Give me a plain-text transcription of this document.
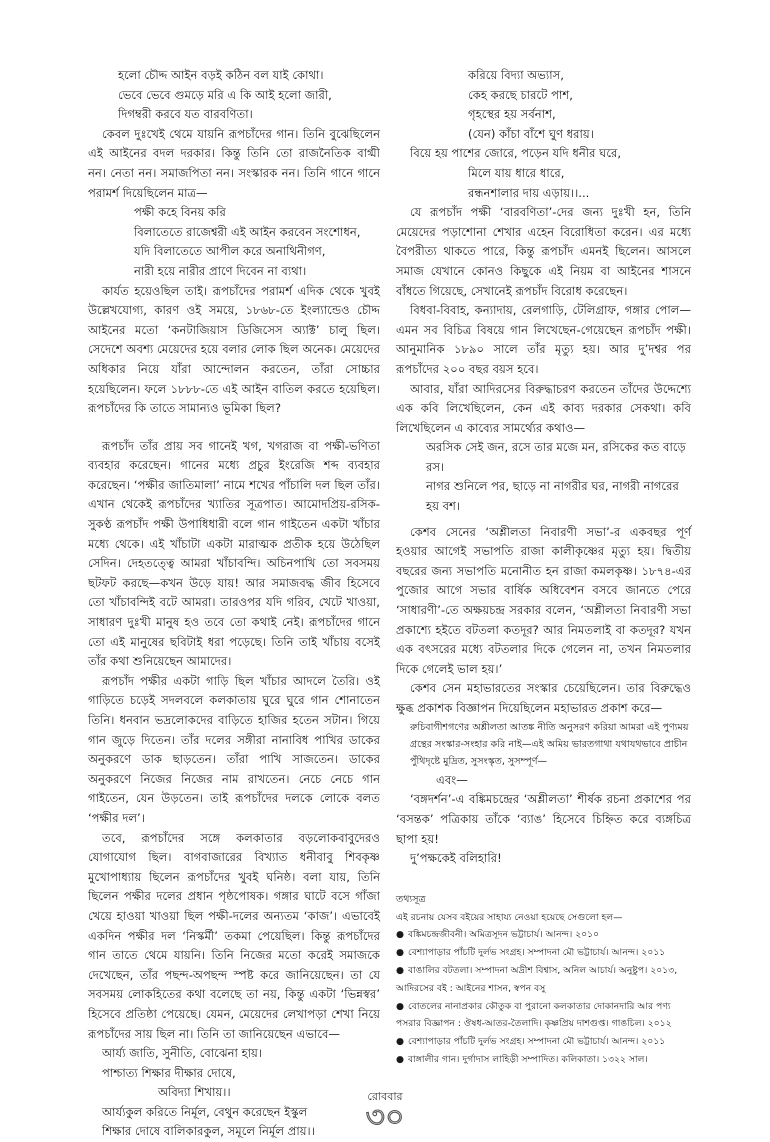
হলো চৌদ্দ আইন বড়ই কঠিন বল যাই কোথা।
ভেবে ভেবে গুমড়ে মরি এ কি আই হলো জারী,
দিগম্বরী করবে যত বারবণিতা।

কেবল দুঃখেই থেমে যায়নি রূপচাঁদের গান। তিনি বুঝেছিলেন এই আইনের বদল দরকার। কিন্তু তিনি তো রাজনৈতিক বাগ্মী নন। নেতা নন। সমাজপিতা নন। সংস্কারক নন। তিনি গানে গানে পরামর্শ দিয়েছিলেন মাত্র—

পক্ষী কহে বিনয় করি
বিলাতেতে রাজেশ্বরী এই আইন করবেন সংশোধন,
যদি বিলাতেতে আপীল করে অনাথিনীগণ,
নারী হয়ে নারীর প্রাণে দিবেন না ব্যথা।

কার্যত হয়েওছিল তাই। রূপচাঁদের পরামর্শ এদিক থেকে খুবই উল্লেখযোগ্য, কারণ ওই সময়ে, ১৮৬৮-তে ইংল্যান্ডেও চৌদ্দ আইনের মতো ‘কনটাজিয়াস ডিজিসেস অ্যাক্ট’ চালু ছিল। সেদেশে অবশ্য মেয়েদের হয়ে বলার লোক ছিল অনেক। মেয়েদের অধিকার নিয়ে যাঁরা আন্দোলন করতেন, তাঁরা সোচ্চার হয়েছিলেন। ফলে ১৮৮৮-তে এই আইন বাতিল করতে হয়েছিল। রূপচাঁদের কি তাতে সামান্যও ভূমিকা ছিল?

রূপচাঁদ তাঁর প্রায় সব গানেই খগ, খগরাজ বা পক্ষী-ভণিতা ব্যবহার করেছেন। গানের মধ্যে প্রচুর ইংরেজি শব্দ ব্যবহার করেছেন। ‘পক্ষীর জাতিমালা’ নামে শখের পাঁচালি দল ছিল তাঁর। এখান থেকেই রূপচাঁদের খ্যাতির সূত্রপাত। আমোদপ্রিয়-রসিক-সুকণ্ঠ রূপচাঁদ পক্ষী উপাধিধারী বলে গান গাইতেন একটা খাঁচার মধ্যে থেকে। এই খাঁচাটা একটা মারাত্মক প্রতীক হয়ে উঠেছিল সেদিন। দেহতত্ত্বে আমরা খাঁচাবন্দি। অচিনপাখি তো সবসময় ছটফট করছে—কখন উড়ে যায়! আর সমাজবদ্ধ জীব হিসেবে তো খাঁচাবন্দিই বটে আমরা। তারওপর যদি গরিব, খেটে খাওয়া, সাধারণ দুঃখী মানুষ হও তবে তো কথাই নেই। রূপচাঁদের গানে তো এই মানুষের ছবিটাই ধরা পড়েছে। তিনি তাই খাঁচায় বসেই তাঁর কথা শুনিয়েছেন আমাদের।

রূপচাঁদ পক্ষীর একটা গাড়ি ছিল খাঁচার আদলে তৈরি। ওই গাড়িতে চড়েই সদলবলে কলকাতায় ঘুরে ঘুরে গান শোনাতেন তিনি। ধনবান ভদ্রলোকদের বাড়িতে হাজির হতেন সটান। গিয়ে গান জুড়ে দিতেন। তাঁর দলের সঙ্গীরা নানাবিধ পাখির ডাকের অনুকরণে ডাক ছাড়তেন। তাঁরা পাখি সাজতেন। ডাকের অনুকরণে নিজের নিজের নাম রাখতেন। নেচে নেচে গান গাইতেন, যেন উড়তেন। তাই রূপচাঁদের দলকে লোকে বলত ‘পক্ষীর দল’।

তবে, রূপচাঁদের সঙ্গে কলকাতার বড়লোকবাবুদেরও যোগাযোগ ছিল। বাগবাজারের বিখ্যাত ধনীবাবু শিবকৃষ্ণ মুখোপাধ্যায় ছিলেন রূপচাঁদের খুবই ঘনিষ্ঠ। বলা যায়, তিনি ছিলেন পক্ষীর দলের প্রধান পৃষ্ঠপোষক। গঙ্গার ঘাটে বসে গাঁজা খেয়ে হাওয়া খাওয়া ছিল পক্ষী-দলের অন্যতম ‘কাজ’। এভাবেই একদিন পক্ষীর দল ‘নিস্কর্মী’ তকমা পেয়েছিল। কিন্তু রূপচাঁদের গান তাতে থেমে যায়নি। তিনি নিজের মতো করেই সমাজকে দেখেছেন, তাঁর পছন্দ-অপছন্দ স্পষ্ট করে জানিয়েছেন। তা যে সবসময় লোকহিতের কথা বলেছে তা নয়, কিন্তু একটা ‘ভিন্নস্বর’ হিসেবে প্রতিষ্ঠা পেয়েছে। যেমন, মেয়েদের লেখাপড়া শেখা নিয়ে রূপচাঁদের সায় ছিল না। তিনি তা জানিয়েছেন এভাবে—

আর্য্য জাতি, সুনীতি, বোঝেনা হায়।
পাশ্চাত্য শিক্ষার দীক্ষার দোষে,
অবিদ্যা শিখায়।।
আর্য্যকুল করিতে নির্মূল, বেথুন করেছেন ইস্কুল
শিক্ষার দোষে বালিকারকুল, সমূলে নির্মূল প্রায়।।
করিয়ে বিদ্যা অভ্যাস,
কেহ করছে চারটে পাশ,
গৃহস্থের হয় সর্বনাশ,
(যেন) কাঁচা বাঁশে ঘুণ ধরায়।
বিয়ে হয় পাশের জোরে, পড়েন যদি ধনীর ঘরে,
মিলে যায় ধারে ধারে,
রন্ধনশালার দায় এড়ায়।।...

যে রূপচাঁদ পক্ষী ‘বারবণিতা’-দের জন্য দুঃখী হন, তিনি মেয়েদের পড়াশোনা শেখার এহেন বিরোধিতা করেন। এর মধ্যে বৈপরীত্য থাকতে পারে, কিন্তু রূপচাঁদ এমনই ছিলেন। আসলে সমাজ যেখানে কোনও কিছুকে এই নিয়ম বা আইনের শাসনে বাঁধতে গিয়েছে, সেখানেই রূপচাঁদ বিরোধ করেছেন।

বিধবা-বিবাহ, কন্যাদায়, রেলগাড়ি, টেলিগ্রাফ, গঙ্গার পোল—এমন সব বিচিত্র বিষয়ে গান লিখেছেন-গেয়েছেন রূপচাঁদ পক্ষী। আনুমানিক ১৮৯০ সালে তাঁর মৃত্যু হয়। আর দু’দশ্বর পর রূপচাঁদের ২০০ বছর বয়স হবে।

আবার, যাঁরা আদিরসের বিরুদ্ধাচরণ করতেন তাঁদের উদ্দেশ্যে এক কবি লিখেছিলেন, কেন এই কাব্য দরকার সেকথা। কবি লিখেছিলেন এ কাব্যের সামর্থ্যের কথাও—

অরসিক সেই জন, রসে তার মজে মন, রসিকের কত বাড়ে রস।
নাগর শুনিলে পর, ছাড়ে না নাগরীর ঘর, নাগরী নাগরের হয় বশ।

কেশব সেনের ‘অশ্লীলতা নিবারণী সভা’-র একবছর পূর্ণ হওয়ার আগেই সভাপতি রাজা কালীকৃষ্ণের মৃত্যু হয়। দ্বিতীয় বছরের জন্য সভাপতি মনোনীত হন রাজা কমলকৃষ্ণ। ১৮৭৪-এর পুজোর আগে সভার বার্ষিক অধিবেশন বসবে জানতে পেরে ‘সাধারণী’-তে অক্ষয়চন্দ্র সরকার বলেন, ‘অশ্লীলতা নিবারণী সভা প্রকাশ্যে হইতে বটতলা কতদূর? আর নিমতলাই বা কতদূর? যখন এক বৎসরের মধ্যে বটতলার দিকে গেলেন না, তখন নিমতলার দিকে গেলেই ভাল হয়।’

কেশব সেন মহাভারতের সংস্কার চেয়েছিলেন। তার বিরুদ্ধেও ক্ষুব্ধ প্রকাশক বিজ্ঞাপন দিয়েছিলেন মহাভারত প্রকাশ করে—

রুচিবাগীশগণের অশ্লীলতা আতঙ্ক নীতি অনুসরণ করিয়া আমরা এই পুণ্যময় গ্রন্থের সংস্কার-সংহার করি নাই—এই অমিয় ভারতগাথা যথাযথভাবে প্রাচীন পুঁথিদৃষ্টে মুদ্রিত, সুসংস্কৃত, সুসম্পূর্ণ—
এবং—

‘বঙ্গদর্শন’-এ বঙ্কিমচন্দ্রের ‘অশ্লীলতা’ শীর্ষক রচনা প্রকাশের পর ‘বসন্তক’ পত্রিকায় তাঁকে ‘ব্যাঙ’ হিসেবে চিহ্নিত করে ব্যঙ্গচিত্র ছাপা হয়!

দু’পক্ষকেই বলিহারি!

তথ্যসূত্র
এই রচনায় যেসব বইয়ের সাহায্য নেওয়া হয়েছে সেগুলো হল—
● বঙ্কিমচন্দ্রজীবনী। অমিত্রসূদন ভট্টাচার্য। আনন্দ। ২০১০
● বেশ্যাপাড়ার পাঁচটি দুর্লভ সংগ্রহ। সম্পাদনা মৌ ভট্টাচার্য। আনন্দ। ২০১১
● বাঙালির বটতলা। সম্পাদনা অদ্রীশ বিশ্বাস, অনিল আচার্য। অনুষ্টুপ। ২০১৩, আদিরসের বই : আইনের শাসন, স্বপন বসু
● বোতলের নানাপ্রকার কৌতুক বা পুরানো কলকাতার দোকানদারি আর পণ্য পসরার বিজ্ঞাপন : ঔষধ-আতর-তৈলাদি। কৃষ্ণপ্রিয় দাশগুপ্ত। গাঙচিল। ২০১২
● বেশ্যাপাড়ার পাঁচটি দুর্লভ সংগ্রহ। সম্পাদনা মৌ ভট্টাচার্য। আনন্দ। ২০১১
● বাঙ্গালীর গান। দুর্গাদাস লাহিড়ী সম্পাদিত। কলিকাতা। ১৩২২ সাল।
রোববার
৩০
